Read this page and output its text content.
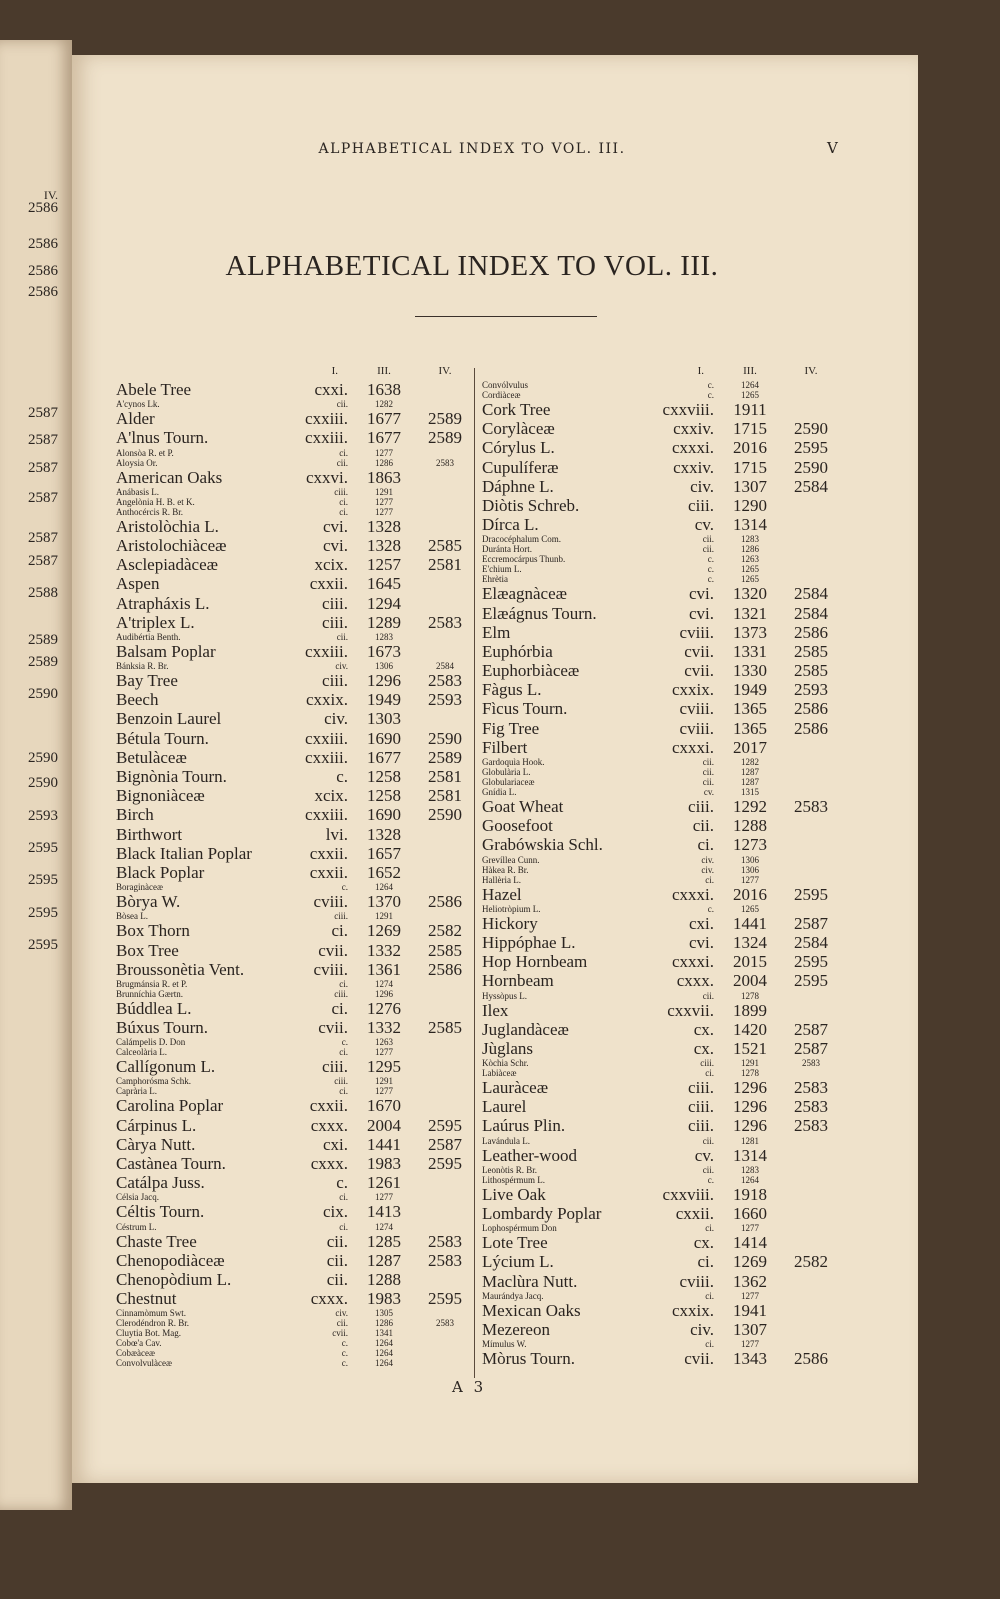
IV.
2586
2586
2586
2586
2587
2587
2587
2587
2587
2587
2588
2589
2589
2590
2590
2590
2593
2595
2595
2595
2595
ALPHABETICAL INDEX TO VOL. III.	V
ALPHABETICAL INDEX TO VOL. III.
I.	III.	IV.
Abele Tree	cxxi.	1638
A'cynos Lk.	cii.	1282
Alder	cxxiii.	1677	2589
A'lnus Tourn.	cxxiii.	1677	2589
Alonsòa R. et P.	ci.	1277
Aloysia Or.	cii.	1286	2583
American Oaks	cxxvi.	1863
Anábasis L.	ciii.	1291
Angelònia H. B. et K.	ci.	1277
Anthocércis R. Br.	ci.	1277
Aristolòchia L.	cvi.	1328
Aristolochiàceæ	cvi.	1328	2585
Asclepiadàceæ	xcix.	1257	2581
Aspen	cxxii.	1645
Atrapháxis L.	ciii.	1294
A'triplex L.	ciii.	1289	2583
Audibértia Benth.	cii.	1283
Balsam Poplar	cxxiii.	1673
Bánksia R. Br.	civ.	1306	2584
Bay Tree	ciii.	1296	2583
Beech	cxxix.	1949	2593
Benzoin Laurel	civ.	1303
Bétula Tourn.	cxxiii.	1690	2590
Betulàceæ	cxxiii.	1677	2589
Bignònia Tourn.	c.	1258	2581
Bignoniàceæ	xcix.	1258	2581
Birch	cxxiii.	1690	2590
Birthwort	lvi.	1328
Black Italian Poplar	cxxii.	1657
Black Poplar	cxxii.	1652
Boraginàceæ	c.	1264
Bòrya W.	cviii.	1370	2586
Bòsea L.	ciii.	1291
Box Thorn	ci.	1269	2582
Box Tree	cvii.	1332	2585
Broussonètia Vent.	cviii.	1361	2586
Brugmánsia R. et P.	ci.	1274
Brunníchia Gærtn.	ciii.	1296
Búddlea L.	ci.	1276
Búxus Tourn.	cvii.	1332	2585
Calámpelis D. Don	c.	1263
Calceolària L.	ci.	1277
Callígonum L.	ciii.	1295
Camphorósma Schk.	ciii.	1291
Caprària L.	ci.	1277
Carolina Poplar	cxxii.	1670
Cárpinus L.	cxxx.	2004	2595
Càrya Nutt.	cxi.	1441	2587
Castànea Tourn.	cxxx.	1983	2595
Catálpa Juss.	c.	1261
Célsia Jacq.	ci.	1277
Céltis Tourn.	cix.	1413
Céstrum L.	ci.	1274
Chaste Tree	cii.	1285	2583
Chenopodiàceæ	cii.	1287	2583
Chenopòdium L.	cii.	1288
Chestnut	cxxx.	1983	2595
Cinnamòmum Swt.	civ.	1305
Clerodéndron R. Br.	cii.	1286	2583
Cluytia Bot. Mag.	cvii.	1341
Cobœ'a Cav.	c.	1264
Cobæàceæ	c.	1264
Convolvulàceæ	c.	1264
I.	III.	IV.
Convólvulus	c.	1264
Cordiàceæ	c.	1265
Cork Tree	cxxviii.	1911
Corylàceæ	cxxiv.	1715	2590
Córylus L.	cxxxi.	2016	2595
Cupulíferæ	cxxiv.	1715	2590
Dáphne L.	civ.	1307	2584
Diòtis Schreb.	ciii.	1290
Dírca L.	cv.	1314
Dracocéphalum Com.	cii.	1283
Duránta Hort.	cii.	1286
Eccremocárpus Thunb.	c.	1263
E'chium L.	c.	1265
Ehrètia	c.	1265
Elæagnàceæ	cvi.	1320	2584
Elæágnus Tourn.	cvi.	1321	2584
Elm	cviii.	1373	2586
Euphórbia	cvii.	1331	2585
Euphorbiàceæ	cvii.	1330	2585
Fàgus L.	cxxix.	1949	2593
Fìcus Tourn.	cviii.	1365	2586
Fig Tree	cviii.	1365	2586
Filbert	cxxxi.	2017
Gardoquìa Hook.	cii.	1282
Globulària L.	cii.	1287
Globulariaceæ	cii.	1287
Gnídia L.	cv.	1315
Goat Wheat	ciii.	1292	2583
Goosefoot	cii.	1288
Grabówskia Schl.	ci.	1273
Grevíllea Cunn.	civ.	1306
Hàkea R. Br.	civ.	1306
Hallèria L.	ci.	1277
Hazel	cxxxi.	2016	2595
Heliotròpium L.	c.	1265
Hickory	cxi.	1441	2587
Hippóphae L.	cvi.	1324	2584
Hop Hornbeam	cxxxi.	2015	2595
Hornbeam	cxxx.	2004	2595
Hyssòpus L.	cii.	1278
Ilex	cxxvii.	1899
Juglandàceæ	cx.	1420	2587
Jùglans	cx.	1521	2587
Kòchia Schr.	ciii.	1291	2583
Labiàceæ	ci.	1278
Lauràceæ	ciii.	1296	2583
Laurel	ciii.	1296	2583
Laúrus Plin.	ciii.	1296	2583
Lavándula L.	cii.	1281
Leather-wood	cv.	1314
Leonòtis R. Br.	cii.	1283
Lithospérmum L.	c.	1264
Live Oak	cxxviii.	1918
Lombardy Poplar	cxxii.	1660
Lophospérmum Don	ci.	1277
Lote Tree	cx.	1414
Lýcium L.	ci.	1269	2582
Maclùra Nutt.	cviii.	1362
Maurándya Jacq.	ci.	1277
Mexican Oaks	cxxix.	1941
Mezereon	civ.	1307
Mímulus W.	ci.	1277
Mòrus Tourn.	cvii.	1343	2586
A 3
